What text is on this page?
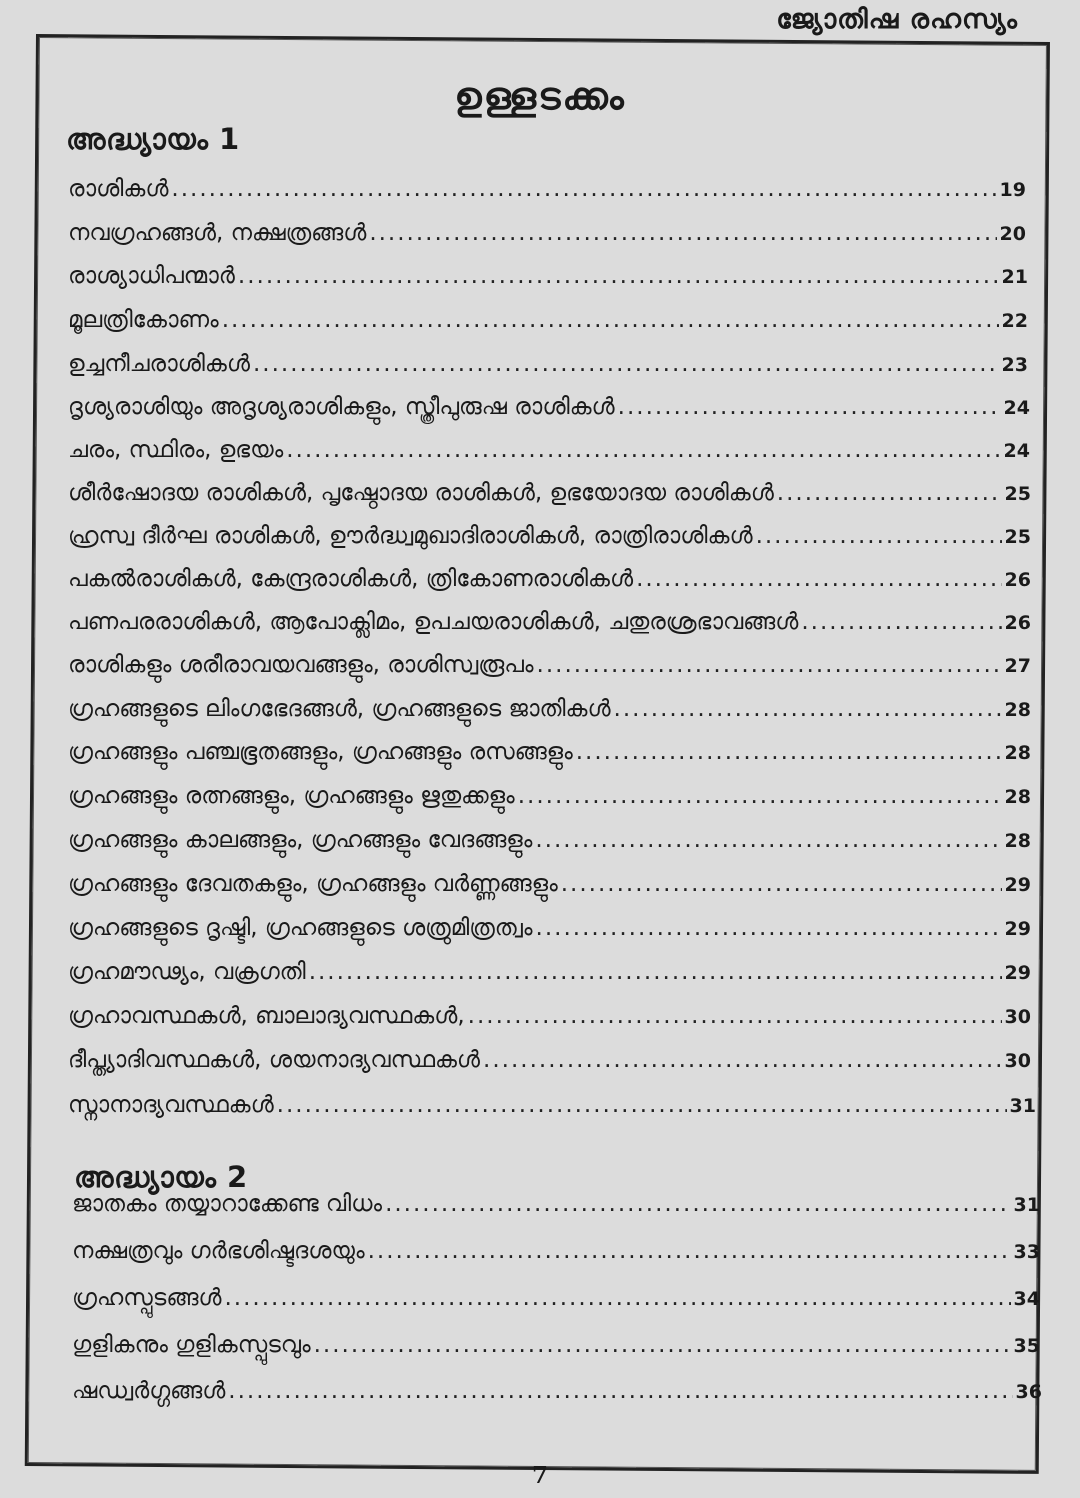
ജ്യോതിഷ രഹസ്യം
ഉള്ളടക്കം
അദ്ധ്യായം 1
രാശികൾ .....	19
നവഗ്രഹങ്ങൾ, നക്ഷത്രങ്ങൾ .....	20
രാശ്യാധിപന്മാർ .....	21
മൂലത്രികോണം .....	22
ഉച്ചനീചരാശികൾ .....	23
ദൃശ്യരാശിയും അദൃശ്യരാശികളും, സ്ത്രീപുരുഷ രാശികൾ .....	24
ചരം, സ്ഥിരം, ഉഭയം .....	24
ശീർഷോദയ രാശികൾ, പൃഷ്ഠോദയ രാശികൾ, ഉഭയോദയ രാശികൾ .....	25
ഹ്രസ്വ ദീർഘ രാശികൾ, ഊർദ്ധ്വമുഖാദിരാശികൾ, രാത്രിരാശികൾ .....	25
പകൽരാശികൾ, കേന്ദ്രരാശികൾ, ത്രികോണരാശികൾ .....	26
പണപരരാശികൾ, ആപോക്ലിമം, ഉപചയരാശികൾ, ചതുരശ്രഭാവങ്ങൾ .....	26
രാശികളും ശരീരാവയവങ്ങളും, രാശിസ്വരൂപം .....	27
ഗ്രഹങ്ങളുടെ ലിംഗഭേദങ്ങൾ, ഗ്രഹങ്ങളുടെ ജാതികൾ .....	28
ഗ്രഹങ്ങളും പഞ്ചഭൂതങ്ങളും, ഗ്രഹങ്ങളും രസങ്ങളും .....	28
ഗ്രഹങ്ങളും രത്നങ്ങളും, ഗ്രഹങ്ങളും ഋതുക്കളും .....	28
ഗ്രഹങ്ങളും കാലങ്ങളും, ഗ്രഹങ്ങളും വേദങ്ങളും .....	28
ഗ്രഹങ്ങളും ദേവതകളും, ഗ്രഹങ്ങളും വർണ്ണങ്ങളും .....	29
ഗ്രഹങ്ങളുടെ ദൃഷ്ടി, ഗ്രഹങ്ങളുടെ ശത്രുമിത്രത്വം .....	29
ഗ്രഹമൗഢ്യം, വക്രഗതി .....	29
ഗ്രഹാവസ്ഥകൾ, ബാലാദ്യവസ്ഥകൾ, .....	30
ദീപ്ത്യാദിവസ്ഥകൾ, ശയനാദ്യവസ്ഥകൾ .....	30
സ്നാനാദ്യവസ്ഥകൾ .....	31
അദ്ധ്യായം 2
ജാതകം തയ്യാറാക്കേണ്ട വിധം .....	31
നക്ഷത്രവും ഗർഭശിഷ്ടദശയും .....	33
ഗ്രഹസ്പുടങ്ങൾ .....	34
ഗുളികനും ഗുളികസ്പുടവും .....	35
ഷഡ്വർഗ്ഗങ്ങൾ .....	36
7
